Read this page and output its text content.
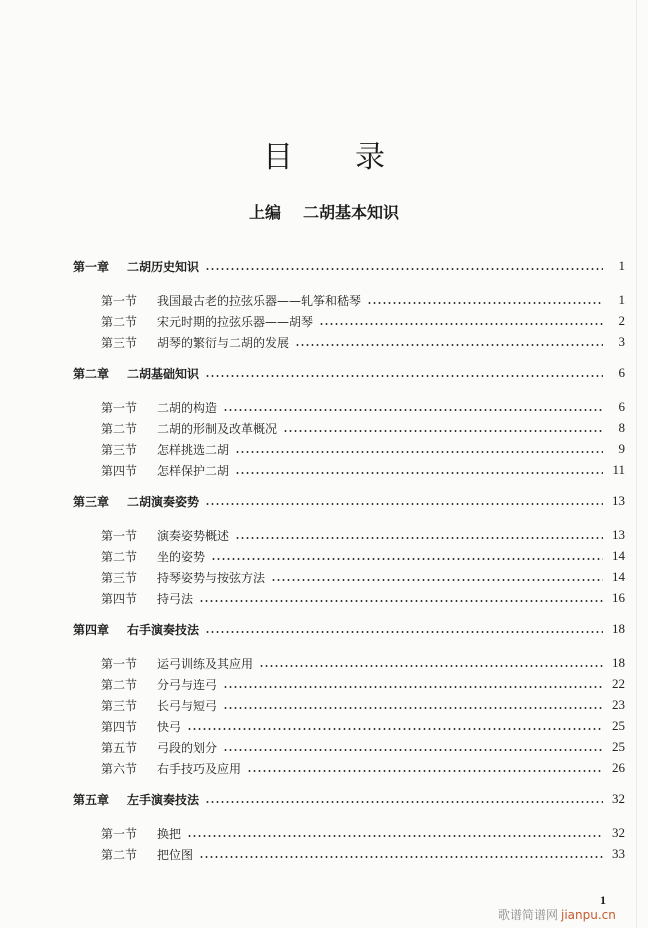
目 录
上编 二胡基本知识
第一章	二胡历史知识	1
第一节	我国最古老的拉弦乐器——轧筝和嵇琴	1
第二节	宋元时期的拉弦乐器——胡琴	2
第三节	胡琴的繁衍与二胡的发展	3
第二章	二胡基础知识	6
第一节	二胡的构造	6
第二节	二胡的形制及改革概况	8
第三节	怎样挑选二胡	9
第四节	怎样保护二胡	11
第三章	二胡演奏姿势	13
第一节	演奏姿势概述	13
第二节	坐的姿势	14
第三节	持琴姿势与按弦方法	14
第四节	持弓法	16
第四章	右手演奏技法	18
第一节	运弓训练及其应用	18
第二节	分弓与连弓	22
第三节	长弓与短弓	23
第四节	快弓	25
第五节	弓段的划分	25
第六节	右手技巧及应用	26
第五章	左手演奏技法	32
第一节	换把	32
第二节	把位图	33
1
歌谱简谱网 jianpu.cn
